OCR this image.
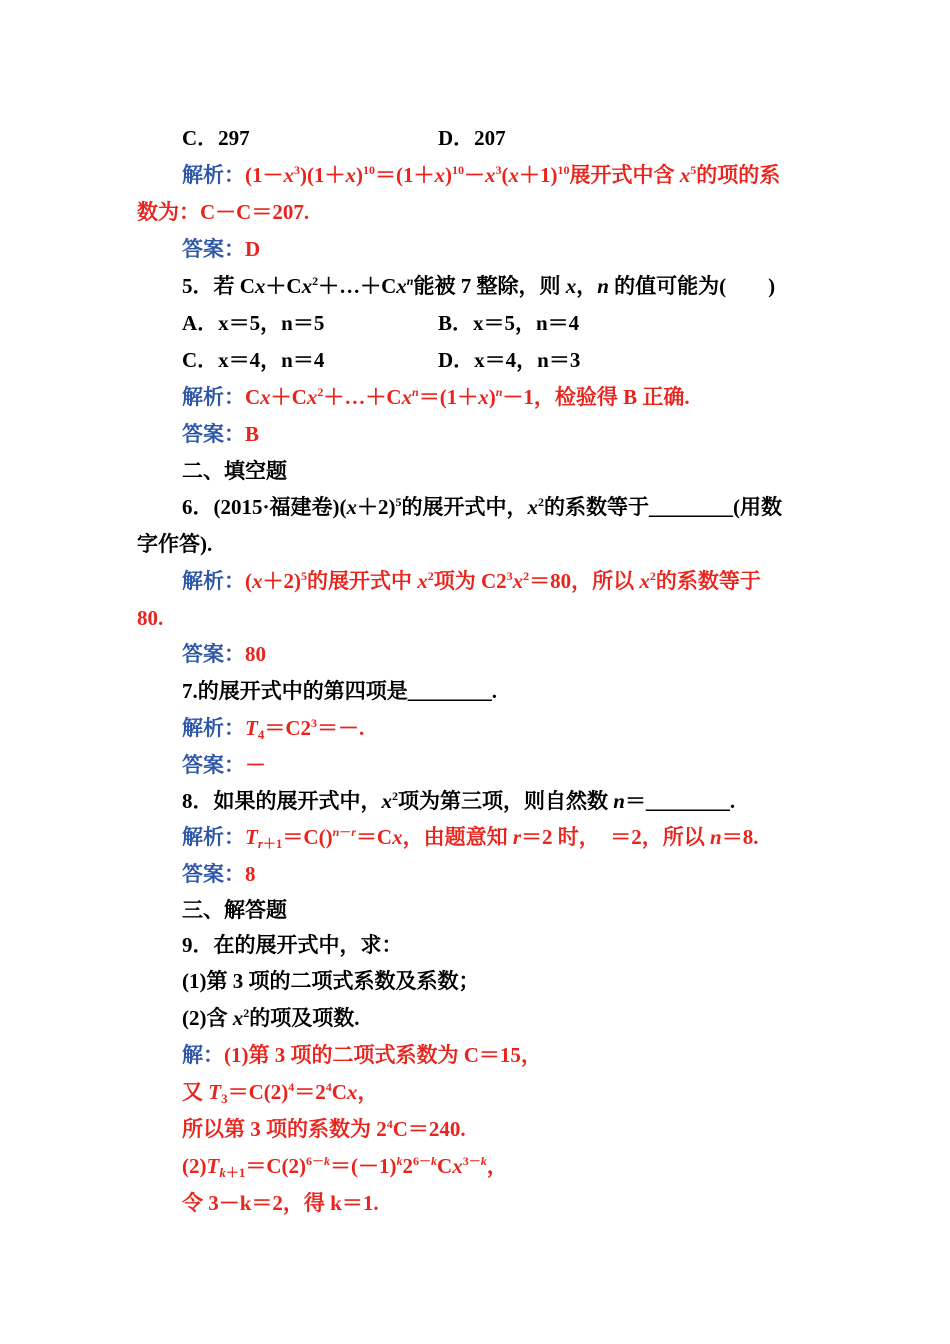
C．297	D．207
解析：$(1-x^3)(1+x)^{10}=(1+x)^{10}-x^3(x+1)^{10}$展开式中含 $x^5$的项的系
数为：C－C＝207.
答案：D
5．若 $Cx+Cx^2+\dots+Cx^n$能被 7 整除，则 x，n 的值可能为(　　)
A．x＝5，n＝5	B．x＝5，n＝4
C．x＝4，n＝4	D．x＝4，n＝3
解析：$Cx+Cx^2+\dots+Cx^n=(1+x)^n-1$，检验得 B 正确.
答案：B
二、填空题
6．(2015·福建卷)$(x+2)^5$的展开式中，$x^2$的系数等于________(用数
字作答).
解析：$(x+2)^5$的展开式中 $x^2$项为 $C2^3x^2=80$，所以 $x^2$的系数等于
80.
答案：80
7.的展开式中的第四项是________.
解析：$T_4=C2^3=-$.
答案：－
8．如果的展开式中，$x^2$项为第三项，则自然数 n＝________.
解析：$T_{r+1}=C()^{n-r}=Cx$，由题意知 r＝2 时，　＝2，所以 n＝8.
答案：8
三、解答题
9．在的展开式中，求：
(1)第 3 项的二项式系数及系数；
(2)含 $x^2$的项及项数.
解：(1)第 3 项的二项式系数为 C＝15，
又 $T_3=C(2)^4=2^4Cx$，
所以第 3 项的系数为 $2^4C=240$.
$(2)T_{k+1}=C(2)^{6-k}=(-1)^k2^{6-k}Cx^{3-k}$，
令 3－k＝2，得 k＝1.
